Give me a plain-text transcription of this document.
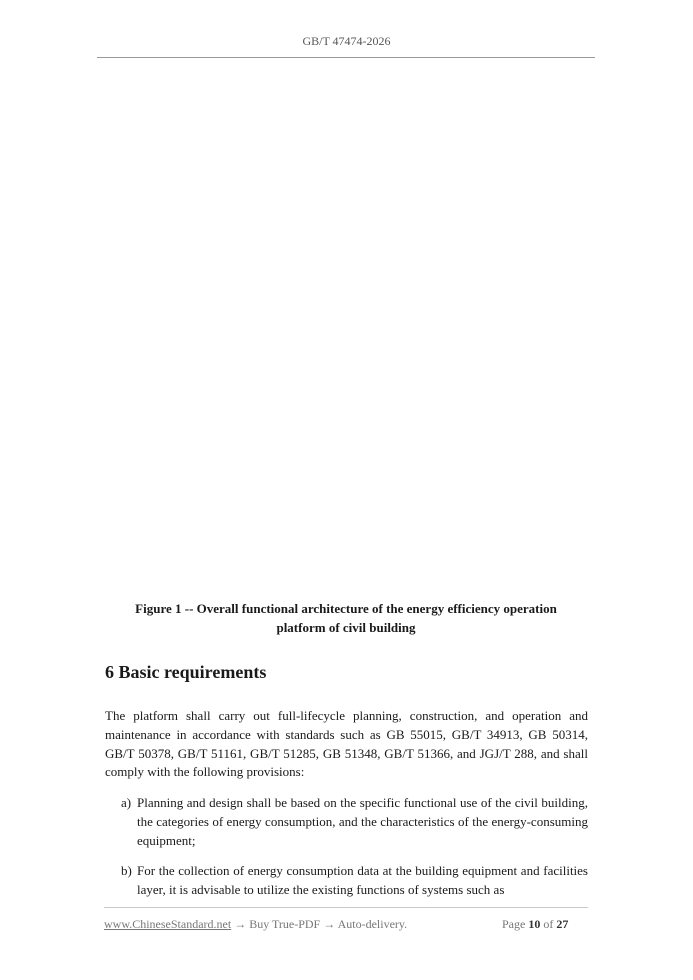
GB/T 47474-2026
Figure 1 -- Overall functional architecture of the energy efficiency operation
platform of civil building
6 Basic requirements
The platform shall carry out full-lifecycle planning, construction, and operation and maintenance in accordance with standards such as GB 55015, GB/T 34913, GB 50314, GB/T 50378, GB/T 51161, GB/T 51285, GB 51348, GB/T 51366, and JGJ/T 288, and shall comply with the following provisions:
a) Planning and design shall be based on the specific functional use of the civil building, the categories of energy consumption, and the characteristics of the energy-consuming equipment;
b) For the collection of energy consumption data at the building equipment and facilities layer, it is advisable to utilize the existing functions of systems such as
www.ChineseStandard.net → Buy True-PDF → Auto-delivery.	Page 10 of 27
